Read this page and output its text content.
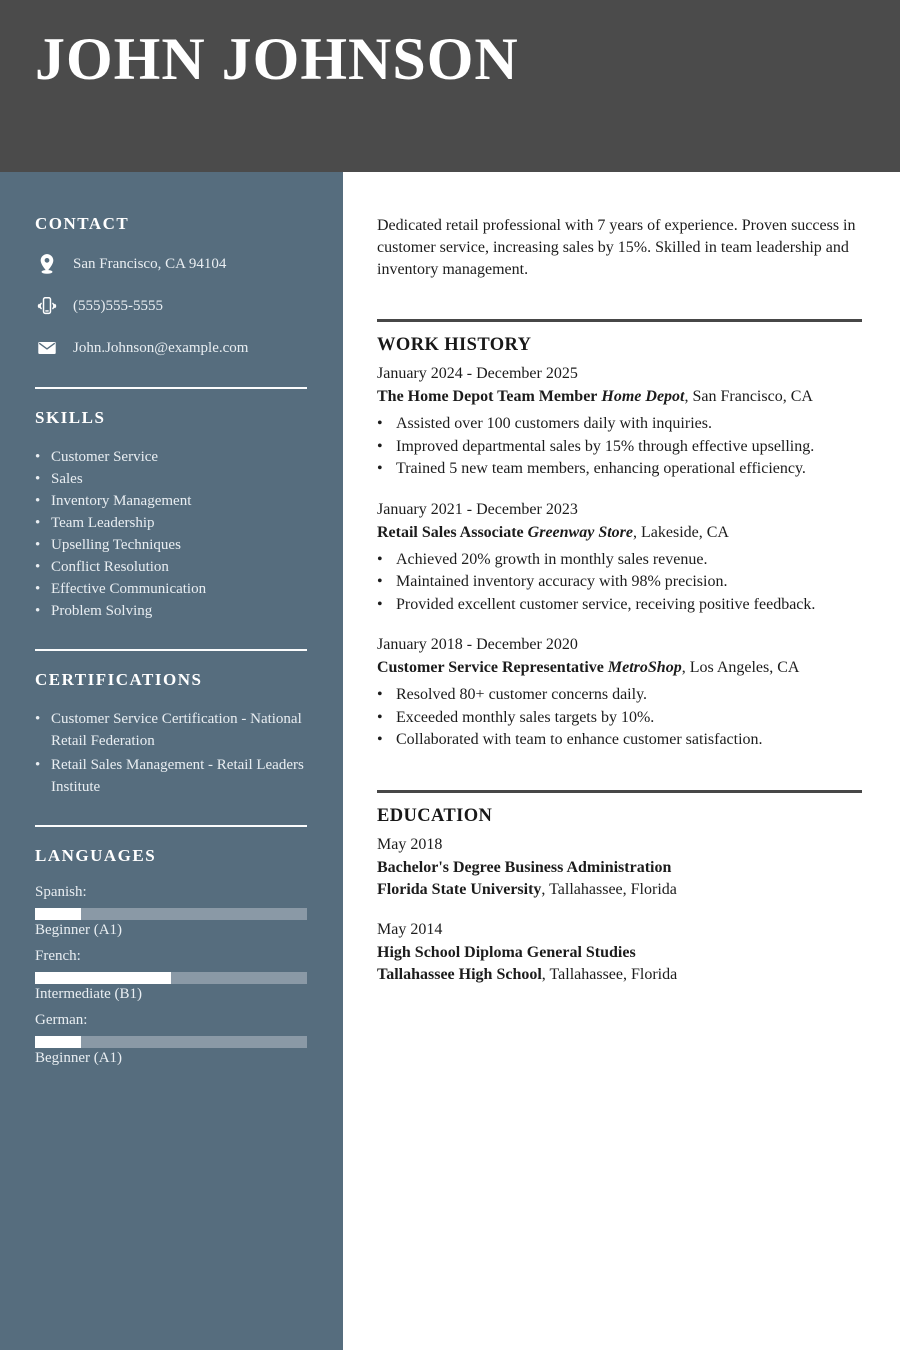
JOHN JOHNSON
CONTACT
San Francisco, CA 94104
(555)555-5555
John.Johnson@example.com
SKILLS
• Customer Service
• Sales
• Inventory Management
• Team Leadership
• Upselling Techniques
• Conflict Resolution
• Effective Communication
• Problem Solving
CERTIFICATIONS
• Customer Service Certification - National Retail Federation
• Retail Sales Management - Retail Leaders Institute
LANGUAGES
Spanish:
Beginner (A1)
French:
Intermediate (B1)
German:
Beginner (A1)

Dedicated retail professional with 7 years of experience. Proven success in customer service, increasing sales by 15%. Skilled in team leadership and inventory management.

WORK HISTORY
January 2024 - December 2025
The Home Depot Team Member Home Depot, San Francisco, CA
• Assisted over 100 customers daily with inquiries.
• Improved departmental sales by 15% through effective upselling.
• Trained 5 new team members, enhancing operational efficiency.
January 2021 - December 2023
Retail Sales Associate Greenway Store, Lakeside, CA
• Achieved 20% growth in monthly sales revenue.
• Maintained inventory accuracy with 98% precision.
• Provided excellent customer service, receiving positive feedback.
January 2018 - December 2020
Customer Service Representative MetroShop, Los Angeles, CA
• Resolved 80+ customer concerns daily.
• Exceeded monthly sales targets by 10%.
• Collaborated with team to enhance customer satisfaction.
EDUCATION
May 2018
Bachelor's Degree Business Administration
Florida State University, Tallahassee, Florida
May 2014
High School Diploma General Studies
Tallahassee High School, Tallahassee, Florida
